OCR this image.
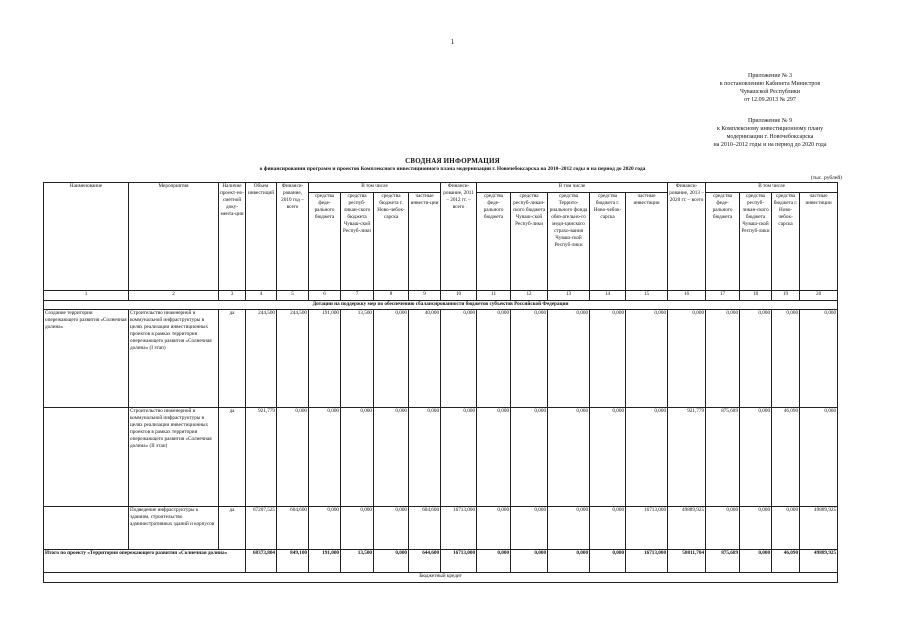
1
Приложение № 3
к постановлению Кабинета Министров
Чувашской Республики
от 12.09.2013 № 297
Приложение № 9
к Комплексному инвестиционному плану
модернизации г. Новочебоксарска
на 2010–2012 годы и на период до 2020 года
СВОДНАЯ ИНФОРМАЦИЯ
о финансировании программ и проектов Комплексного инвестиционного плана модернизации г. Новочебоксарска на 2010–2012 годы и на период до 2020 года
(тыс. рублей)
Наименование	Мероприятия	Наличие проект-но-сметной доку-мента-ции	Объем инвестиций	Финанси-рование, 2010 год – всего	В том числе				Финанси-рование, 2011 – 2012 гг. – всего	В том числе					Финанси-рование, 2013 – 2020 гг. – всего	В том числе			
					средства феде-рального бюджета	средства респуб-ликан-ского бюджета Чуваш-ской Респуб-лики	средства бюджета г. Ново-чебок-сарска	частные инвести-ции		средства феде-рального бюджета	средства респуб-ликан-ского бюджета Чуваш-ской Респуб-лики	средства Террито-риального фонда обяз-ательно-го меди-цинского страхо-вания Чуваш-ской Респуб-лики	средства бюджета г. Ново-чебок-сарска	частные инвестиции		средства феде-рального бюджета	средства респуб-ликан-ского бюджета Чуваш-ской Респуб-лики	средства бюджета г. Ново-чебок-сарска	частные инвестиции
1	2	3	4	5	6	7	8	9	10	11	12	13	14	15	16	17	18	19	20
Дотации на поддержку мер по обеспечению сбалансированности бюджетов субъектов Российской Федерации																			
Создание территории опережающего развития «Солнечная долина»	Строительство инженерной и коммунальной инфраструктуры в целях реализации инвестиционных проектов в рамках территории опережающего развития «Солнечная долина» (I этап)	да	244,500	244,500	191,000	13,500	0,000	40,000	0,000	0,000	0,000	0,000	0,000	0,000	0,000	0,000	0,000	0,000	0,000
	Строительство инженерной и коммунальной инфраструктуры в целях реализации инвестиционных проектов в рамках территории опережающего развития «Солнечная долина» (II этап)	да	921,779	0,000	0,000	0,000	0,000	0,000	0,000	0,000	0,000	0,000	0,000	0,000	921,779	875,689	0,000	46,090	0,000
	Подведение инфраструктуры к зданиям, строительство административных зданий и корпусов	да	67207,525	604,600	0,000	0,000	0,000	604,600	16713,000	0,000	0,000	0,000	0,000	16713,000	49889,925	0,000	0,000	0,000	49889,925
Итого по проекту «Территория опережающего развития «Солнечная долина»			68373,804	849,100	191,000	13,500	0,000	644,600	16713,000	0,000	0,000	0,000	0,000	16713,000	50811,704	875,689	0,000	46,090	49889,925
Бюджетный кредит																			
